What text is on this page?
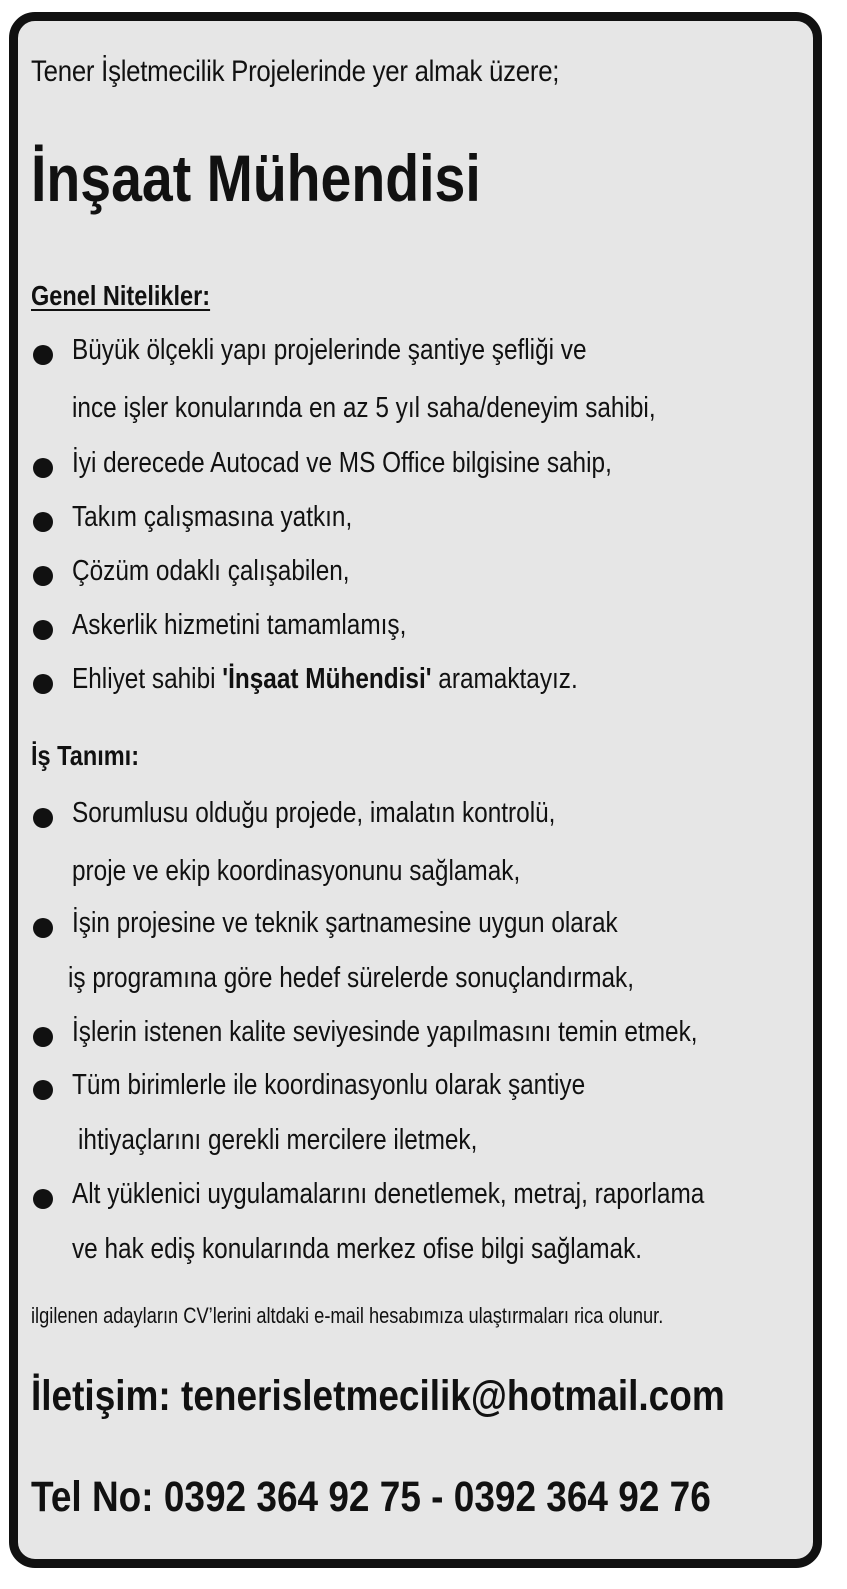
Tener İşletmecilik Projelerinde yer almak üzere;
İnşaat Mühendisi
Genel Nitelikler:
Büyük ölçekli yapı projelerinde şantiye şefliği ve
ince işler konularında en az 5 yıl saha/deneyim sahibi,
İyi derecede Autocad ve MS Office bilgisine sahip,
Takım çalışmasına yatkın,
Çözüm odaklı çalışabilen,
Askerlik hizmetini tamamlamış,
Ehliyet sahibi 'İnşaat Mühendisi' aramaktayız.
İş Tanımı:
Sorumlusu olduğu projede, imalatın kontrolü,
proje ve ekip koordinasyonunu sağlamak,
İşin projesine ve teknik şartnamesine uygun olarak
iş programına göre hedef sürelerde sonuçlandırmak,
İşlerin istenen kalite seviyesinde yapılmasını temin etmek,
Tüm birimlerle ile koordinasyonlu olarak şantiye
ihtiyaçlarını gerekli mercilere iletmek,
Alt yüklenici uygulamalarını denetlemek, metraj, raporlama
ve hak ediş konularında merkez ofise bilgi sağlamak.
ilgilenen adayların CV’lerini altdaki e-mail hesabımıza ulaştırmaları rica olunur.
İletişim: tenerisletmecilik@hotmail.com
Tel No: 0392 364 92 75 - 0392 364 92 76
